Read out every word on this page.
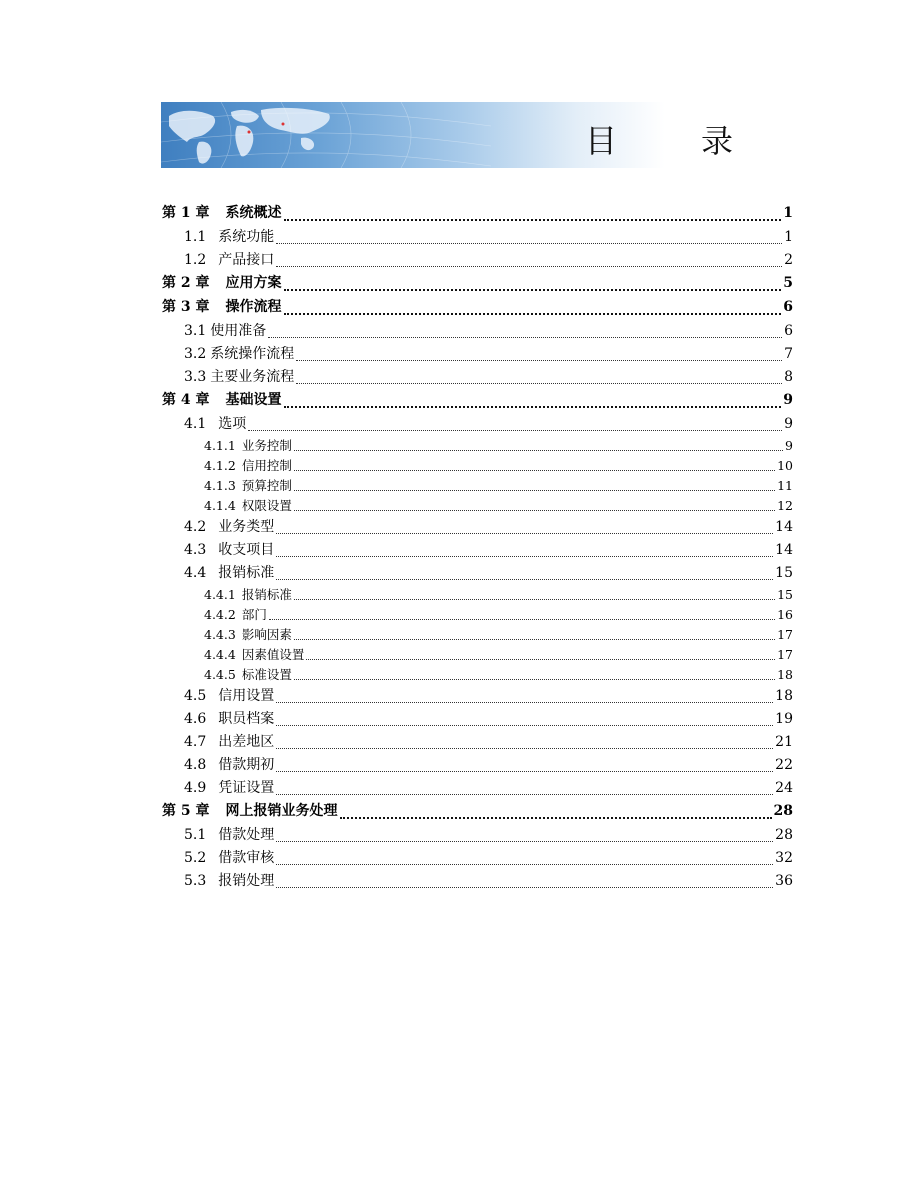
目　录
第 1 章 系统概述	1
1.1 系统功能	1
1.2 产品接口	2
第 2 章 应用方案	5
第 3 章 操作流程	6
3.1 使用准备	6
3.2 系统操作流程	7
3.3 主要业务流程	8
第 4 章 基础设置	9
4.1 选项	9
4.1.1 业务控制	9
4.1.2 信用控制	10
4.1.3 预算控制	11
4.1.4 权限设置	12
4.2 业务类型	14
4.3 收支项目	14
4.4 报销标准	15
4.4.1 报销标准	15
4.4.2 部门	16
4.4.3 影响因素	17
4.4.4 因素值设置	17
4.4.5 标准设置	18
4.5 信用设置	18
4.6 职员档案	19
4.7 出差地区	21
4.8 借款期初	22
4.9 凭证设置	24
第 5 章 网上报销业务处理	28
5.1 借款处理	28
5.2 借款审核	32
5.3 报销处理	36
